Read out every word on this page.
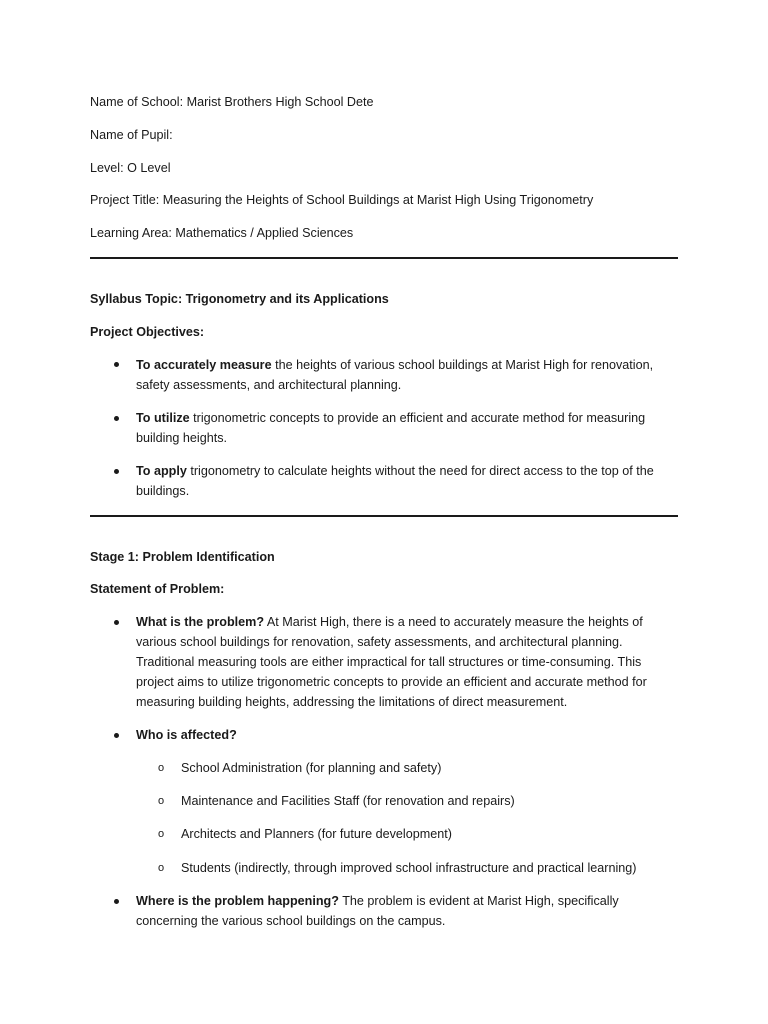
Name of School: Marist Brothers High School Dete
Name of Pupil:
Level: O Level
Project Title: Measuring the Heights of School Buildings at Marist High Using Trigonometry
Learning Area: Mathematics / Applied Sciences
Syllabus Topic: Trigonometry and its Applications
Project Objectives:
To accurately measure the heights of various school buildings at Marist High for renovation, safety assessments, and architectural planning.
To utilize trigonometric concepts to provide an efficient and accurate method for measuring building heights.
To apply trigonometry to calculate heights without the need for direct access to the top of the buildings.
Stage 1: Problem Identification
Statement of Problem:
What is the problem? At Marist High, there is a need to accurately measure the heights of various school buildings for renovation, safety assessments, and architectural planning. Traditional measuring tools are either impractical for tall structures or time-consuming. This project aims to utilize trigonometric concepts to provide an efficient and accurate method for measuring building heights, addressing the limitations of direct measurement.
Who is affected?
o School Administration (for planning and safety)
o Maintenance and Facilities Staff (for renovation and repairs)
o Architects and Planners (for future development)
o Students (indirectly, through improved school infrastructure and practical learning)
Where is the problem happening? The problem is evident at Marist High, specifically concerning the various school buildings on the campus.
